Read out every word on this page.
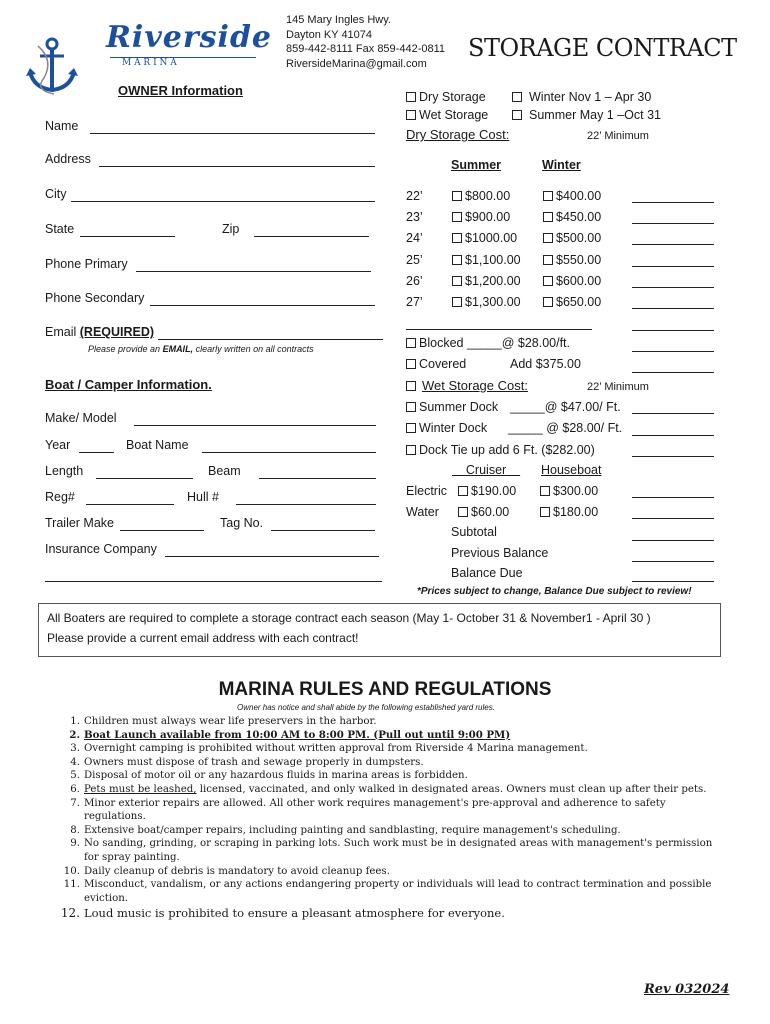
Riverside
M A R I N A
145 Mary Ingles Hwy.
Dayton KY 41074
859-442-8111 Fax 859-442-0811
RiversideMarina@gmail.com
STORAGE CONTRACT
OWNER Information
Name
Address
City
State	Zip
Phone Primary
Phone Secondary
Email (REQUIRED)
Please provide an EMAIL, clearly written on all contracts
Boat / Camper Information.
Make/ Model
Year	Boat Name
Length	Beam
Reg#	Hull #
Trailer Make	Tag No.
Insurance Company
Dry Storage	Winter Nov 1 – Apr 30
Wet Storage	Summer May 1 –Oct 31
Dry Storage Cost:	22’ Minimum
Summer	Winter
22’	$800.00	$400.00
23’	$900.00	$450.00
24’	$1000.00	$500.00
25’	$1,100.00	$550.00
26’	$1,200.00	$600.00
27’	$1,300.00	$650.00
Blocked _____@ $28.00/ft.
Covered	Add $375.00
Wet Storage Cost:	22’ Minimum
Summer Dock _____@ $47.00/ Ft.
Winter Dock _____ @ $28.00/ Ft.
Dock Tie up add 6 Ft. ($282.00)
Cruiser	Houseboat
Electric	$190.00	$300.00
Water	$60.00	$180.00
Subtotal
Previous Balance
Balance Due
*Prices subject to change, Balance Due subject to review!
All Boaters are required to complete a storage contract each season (May 1- October 31 & November1 - April 30 )
Please provide a current email address with each contract!
MARINA RULES AND REGULATIONS
Owner has notice and shall abide by the following established yard rules.
1. Children must always wear life preservers in the harbor.
2. Boat Launch available from 10:00 AM to 8:00 PM. (Pull out until 9:00 PM)
3. Overnight camping is prohibited without written approval from Riverside 4 Marina management.
4. Owners must dispose of trash and sewage properly in dumpsters.
5. Disposal of motor oil or any hazardous fluids in marina areas is forbidden.
6. Pets must be leashed, licensed, vaccinated, and only walked in designated areas. Owners must clean up after their pets.
7. Minor exterior repairs are allowed. All other work requires management's pre-approval and adherence to safety regulations.
8. Extensive boat/camper repairs, including painting and sandblasting, require management's scheduling.
9. No sanding, grinding, or scraping in parking lots. Such work must be in designated areas with management's permission for spray painting.
10. Daily cleanup of debris is mandatory to avoid cleanup fees.
11. Misconduct, vandalism, or any actions endangering property or individuals will lead to contract termination and possible eviction.
12. Loud music is prohibited to ensure a pleasant atmosphere for everyone.
Rev 032024
